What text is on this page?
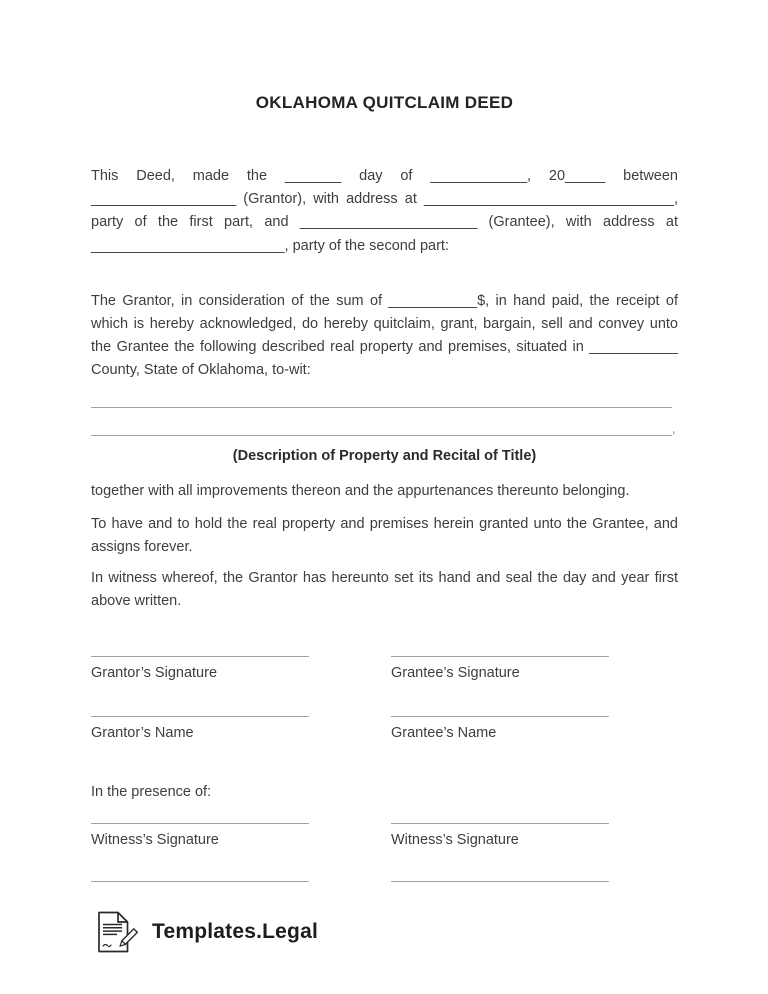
OKLAHOMA QUITCLAIM DEED
This Deed, made the _______ day of ____________, 20_____ between
__________________ (Grantor), with address at _______________________________,
party of the first part, and ______________________ (Grantee), with address at
________________________, party of the second part:
The Grantor, in consideration of the sum of ___________$, in hand paid, the receipt of
which is hereby acknowledged, do hereby quitclaim, grant, bargain, sell and convey unto
the Grantee the following described real property and premises, situated in ___________
County, State of Oklahoma, to-wit:
________________________________________________________________________
________________________________________________________________________,
(Description of Property and Recital of Title)
together with all improvements thereon and the appurtenances thereunto belonging.
To have and to hold the real property and premises herein granted unto the Grantee, and
assigns forever.
In witness whereof, the Grantor has hereunto set its hand and seal the day and year first
above written.
___________________________
Grantor’s Signature
___________________________
Grantee’s Signature
___________________________
Grantor’s Name
___________________________
Grantee’s Name
In the presence of:
___________________________
Witness’s Signature
___________________________
Witness’s Signature
___________________________	___________________________
Templates.Legal
